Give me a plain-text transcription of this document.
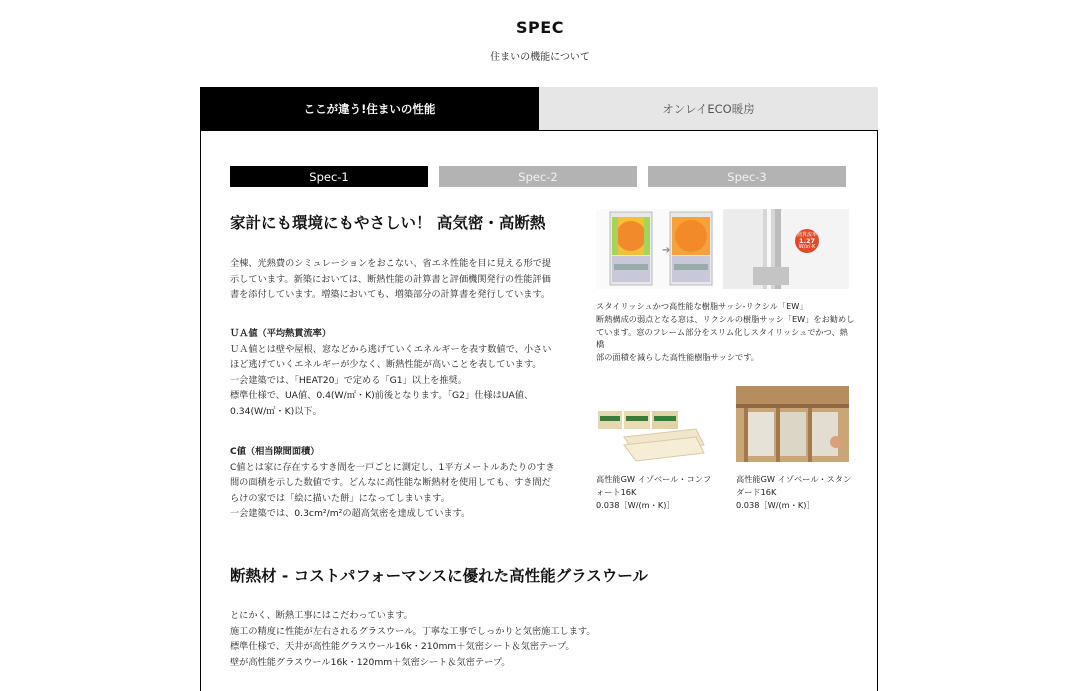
SPEC
住まいの機能について
ここが違う!住まいの性能	オンレイECO暖房
Spec-1	Spec-2	Spec-3
家計にも環境にもやさしい！ 高気密・高断熱
全棟、光熱費のシミュレーションをおこない、省エネ性能を目に見える形で提
示しています。新築においては、断熱性能の計算書と評価機関発行の性能評価
書を添付しています。増築においても、増築部分の計算書を発行しています。
ＵＡ値（平均熱貫流率）
ＵＡ値とは壁や屋根、窓などから逃げていくエネルギーを表す数値で、小さい
ほど逃げていくエネルギーが少なく、断熱性能が高いことを表しています。
一会建築では、「HEAT20」で定める「G1」以上を推奨。
標準仕様で、UA値、0.4(W/㎡・K)前後となります。「G2」仕様はUA値、
0.34(W/㎡・K)以下。
C値（相当隙間面積）
C値とは家に存在するすき間を一戸ごとに測定し、1平方メートルあたりのすき
間の面積を示した数値です。どんなに高性能な断熱材を使用しても、すき間だ
らけの家では「絵に描いた餅」になってしまいます。
一会建築では、0.3cm²/m²の超高気密を達成しています。
➔
熱貫流率
1.27
W/㎡·K
スタイリッシュかつ高性能な樹脂サッシ-リクシル「EW」
断熱構成の弱点となる窓は、リクシルの樹脂サッシ「EW」をお勧めし
ています。窓のフレーム部分をスリム化しスタイリッシュでかつ、熱橋
部の面積を減らした高性能樹脂サッシです。
高性能GW イゾベール・コンフ
ォート16K
0.038［W/(m・K)］
高性能GW イゾベール・スタン
ダード16K
0.038［W/(m・K)］
断熱材 - コストパフォーマンスに優れた高性能グラスウール
とにかく、断熱工事にはこだわっています。
施工の精度に性能が左右されるグラスウール。丁寧な工事でしっかりと気密施工します。
標準仕様で、天井が高性能グラスウール16k・210mm＋気密シート＆気密テープ。
壁が高性能グラスウール16k・120mm＋気密シート＆気密テープ。
